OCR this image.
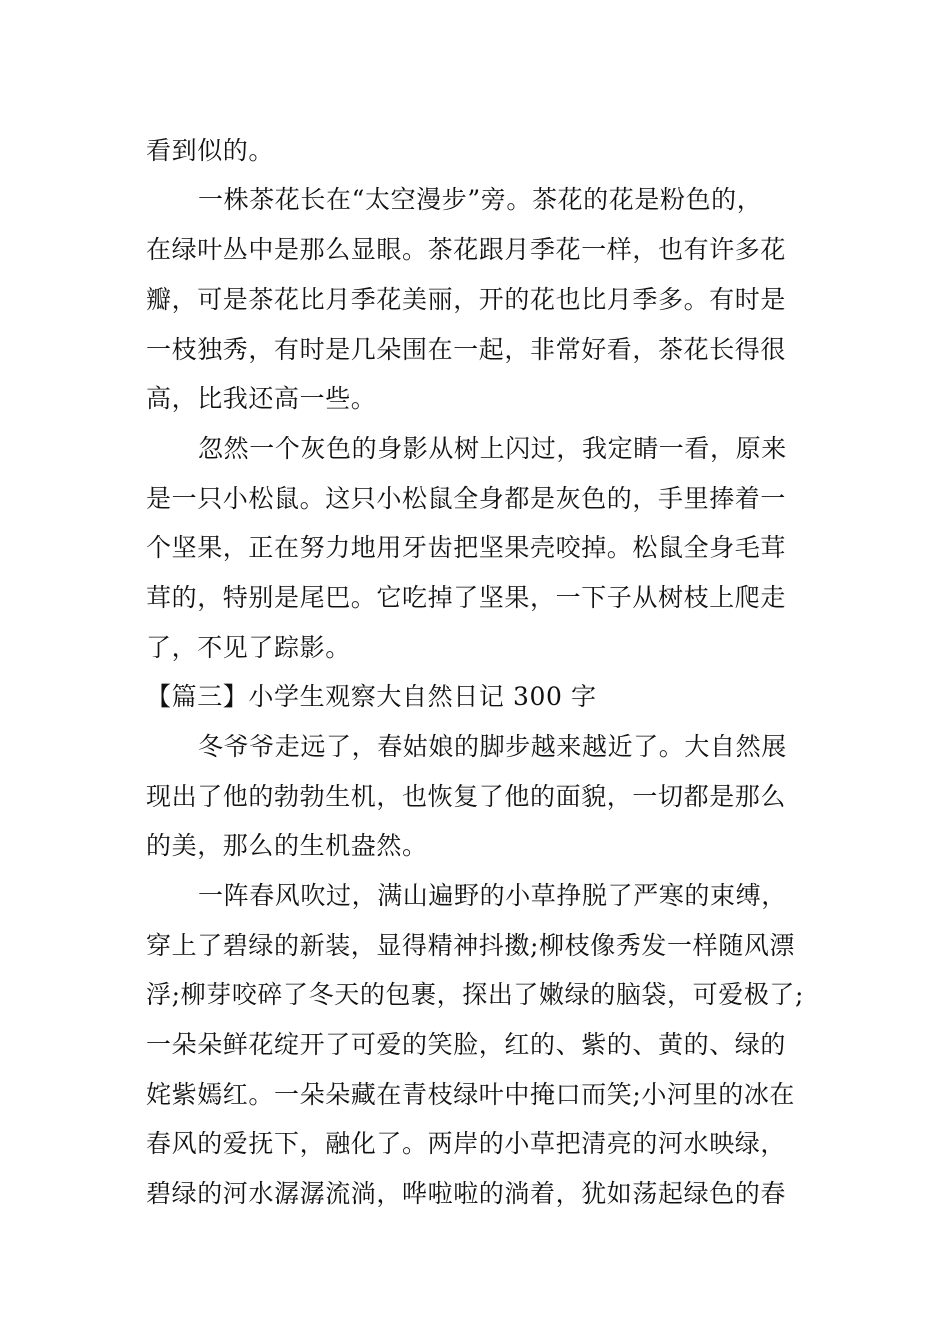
看到似的。
一株茶花长在“太空漫步”旁。茶花的花是粉色的，
在绿叶丛中是那么显眼。茶花跟月季花一样，也有许多花
瓣，可是茶花比月季花美丽，开的花也比月季多。有时是
一枝独秀，有时是几朵围在一起，非常好看，茶花长得很
高，比我还高一些。
忽然一个灰色的身影从树上闪过，我定睛一看，原来
是一只小松鼠。这只小松鼠全身都是灰色的，手里捧着一
个坚果，正在努力地用牙齿把坚果壳咬掉。松鼠全身毛茸
茸的，特别是尾巴。它吃掉了坚果，一下子从树枝上爬走
了，不见了踪影。
【篇三】小学生观察大自然日记 300 字
冬爷爷走远了，春姑娘的脚步越来越近了。大自然展
现出了他的勃勃生机，也恢复了他的面貌，一切都是那么
的美，那么的生机盎然。
一阵春风吹过，满山遍野的小草挣脱了严寒的束缚，
穿上了碧绿的新装，显得精神抖擞;柳枝像秀发一样随风漂
浮;柳芽咬碎了冬天的包裹，探出了嫩绿的脑袋，可爱极了;
一朵朵鲜花绽开了可爱的笑脸，红的、紫的、黄的、绿的
姹紫嫣红。一朵朵藏在青枝绿叶中掩口而笑;小河里的冰在
春风的爱抚下，融化了。两岸的小草把清亮的河水映绿，
碧绿的河水潺潺流淌，哗啦啦的淌着，犹如荡起绿色的春
